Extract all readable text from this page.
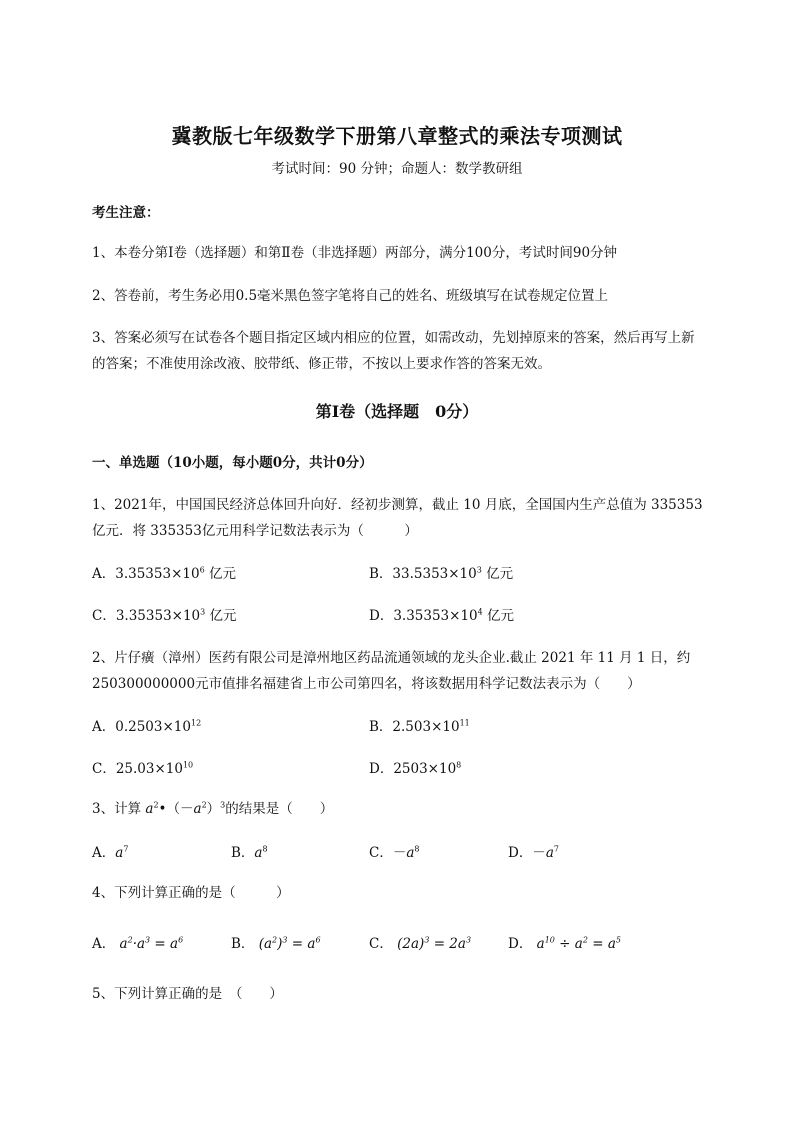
冀教版七年级数学下册第八章整式的乘法专项测试
考试时间：90 分钟；命题人：数学教研组
考生注意：
1、本卷分第Ⅰ卷（选择题）和第Ⅱ卷（非选择题）两部分，满分100分，考试时间90分钟
2、答卷前，考生务必用0.5毫米黑色签字笔将自己的姓名、班级填写在试卷规定位置上
3、答案必须写在试卷各个题目指定区域内相应的位置，如需改动，先划掉原来的答案，然后再写上新
的答案；不准使用涂改液、胶带纸、修正带，不按以上要求作答的答案无效。
第Ⅰ卷（选择题　0分）
一、单选题（10小题，每小题0分，共计0分）
1、2021年，中国国民经济总体回升向好．经初步测算，截止 10 月底，全国国内生产总值为 335353
亿元．将 335353亿元用科学记数法表示为（　　　）
A．$3.35353\times 10^6$ 亿元	B．$33.5353\times 10^3$ 亿元
C．$3.35353\times 10^3$ 亿元	D．$3.35353\times 10^4$ 亿元
2、片仔癀（漳州）医药有限公司是漳州地区药品流通领域的龙头企业.截止 2021 年 11 月 1 日，约
250300000000元市值排名福建省上市公司第四名，将该数据用科学记数法表示为（　　）
A．$0.2503\times 10^{12}$	B．$2.503\times 10^{11}$
C．$25.03\times 10^{10}$	D．$2503\times 10^8$
3、计算 $a^2•(-a^2)^3$的结果是（　　）
A．$a^7$	B．$a^8$	C．$-a^8$	D．$-a^7$
4、下列计算正确的是（　　　）
A． $a^2\cdot a^3 = a^6$	B． $(a^2)^3 = a^6$	C． $(2a)^3 = 2a^3$	D． $a^{10} \div a^2 = a^5$
5、下列计算正确的是　（　　）
